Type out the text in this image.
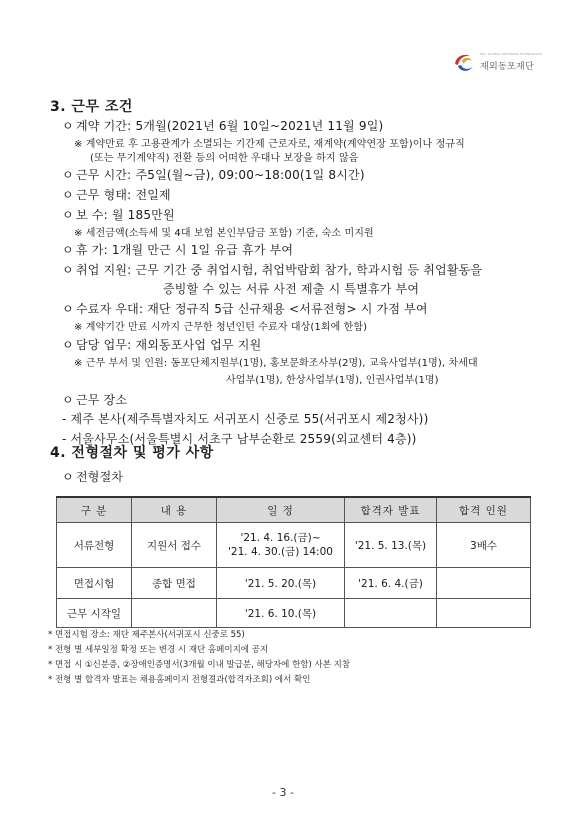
JEJU GLOBAL NETWORK FOUNDATION
재외동포재단
3. 근무 조건
ㅇ 계약 기간: 5개월(2021년 6월 10일~2021년 11월 9일)
※ 계약만료 후 고용관계가 소멸되는 기간제 근로자로, 재계약(계약연장 포함)이나 정규직
(또는 무기계약직) 전환 등의 어떠한 우대나 보장을 하지 않음
ㅇ 근무 시간: 주5일(월~금), 09:00~18:00(1일 8시간)
ㅇ 근무 형태: 전일제
ㅇ 보 수: 월 185만원
※ 세전금액(소득세 및 4대 보험 본인부담금 포함) 기준, 숙소 미지원
ㅇ 휴 가: 1개월 만근 시 1일 유급 휴가 부여
ㅇ 취업 지원: 근무 기간 중 취업시험, 취업박람회 참가, 학과시험 등 취업활동을
증빙할 수 있는 서류 사전 제출 시 특별휴가 부여
ㅇ 수료자 우대: 재단 정규직 5급 신규채용 <서류전형> 시 가점 부여
※ 계약기간 만료 시까지 근무한 청년인턴 수료자 대상(1회에 한함)
ㅇ 담당 업무: 재외동포사업 업무 지원
※ 근무 부서 및 인원: 동포단체지원부(1명), 홍보문화조사부(2명), 교육사업부(1명), 차세대
사업부(1명), 한상사업부(1명), 인권사업부(1명)
ㅇ 근무 장소
- 제주 본사(제주특별자치도 서귀포시 신중로 55(서귀포시 제2청사))
- 서울사무소(서울특별시 서초구 남부순환로 2559(외교센터 4층))
4. 전형절차 및 평가 사항
ㅇ 전형절차
구 분	내 용	일 정	합격자 발표	합격 인원
서류전형	지원서 접수	'21. 4. 16.(금)~
'21. 4. 30.(금) 14:00	'21. 5. 13.(목)	3배수
면접시험	종합 면접	'21. 5. 20.(목)	'21. 6. 4.(금)	
근무 시작일		'21. 6. 10.(목)		
* 면접시험 장소: 재단 제주본사(서귀포시 신중로 55)
* 전형 별 세부일정 확정 또는 변경 시 재단 홈페이지에 공지
* 면접 시 ①신분증, ②장애인증명서(3개월 이내 발급분, 해당자에 한함) 사본 지참
* 전형 별 합격자 발표는 채용홈페이지 전형결과(합격자조회) 에서 확인
- 3 -
